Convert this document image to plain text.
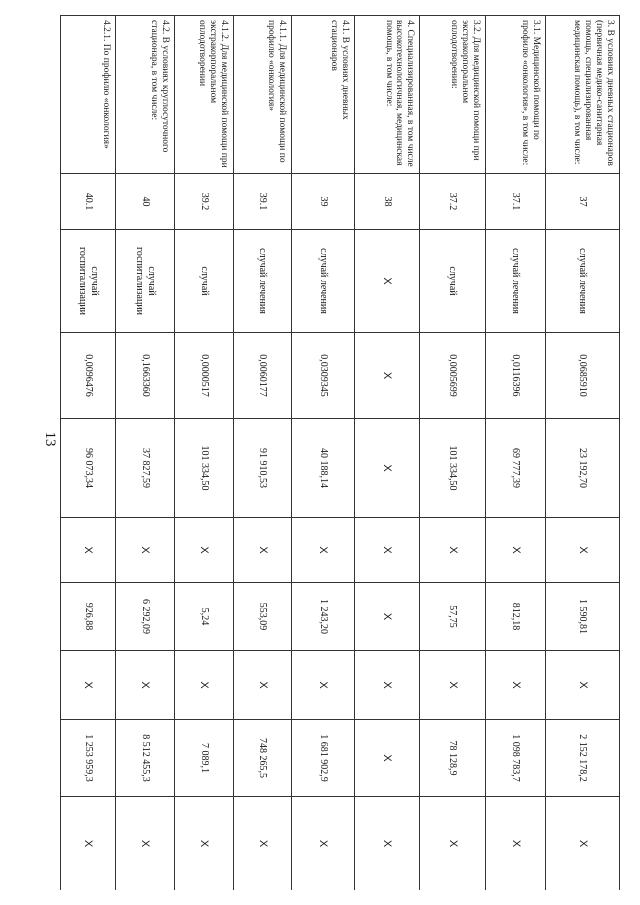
13
3. В условиях дневных стационаров (первичная медико-санитарная помощь, специализированная медицинская помощь), в том числе:	37	случай лечения	0,0685910	23 192,70	X	1 590,81	X	2 152 178,2	X
3.1. Медицинской помощи по профилю «онкология», в том числе:	37.1	случай лечения	0,0116396	69 777,39	X	812,18	X	1 098 783,7	X
3.2. Для медицинской помощи при экстракорпоральном оплодотворении:	37.2	случай	0,0005699	101 334,50	X	57,75	X	78 128,9	X
4. Специализированная, в том числе высокотехнологичная, медицинская помощь, в том числе:	38	X	X	X	X	X	X	X	X
4.1. В условиях дневных стационаров	39	случай лечения	0,0309345	40 188,14	X	1 243,20	X	1 681 902,9	X
4.1.1. Для медицинской помощи по профилю «онкология»	39.1	случай лечения	0,0060177	91 910,53	X	553,09	X	748 265,5	X
4.1.2. Для медицинской помощи при экстракорпоральном оплодотворении	39.2	случай	0,0000517	101 334,50	X	5,24	X	7 089,1	X
4.2. В условиях круглосуточного стационара, в том числе:	40	случай госпитализации	0,1663360	37 827,59	X	6 292,09	X	8 512 455,3	X
4.2.1. По профилю «онкология»	40.1	случай госпитализации	0,0096476	96 073,34	X	926,88	X	1 253 959,3	X
